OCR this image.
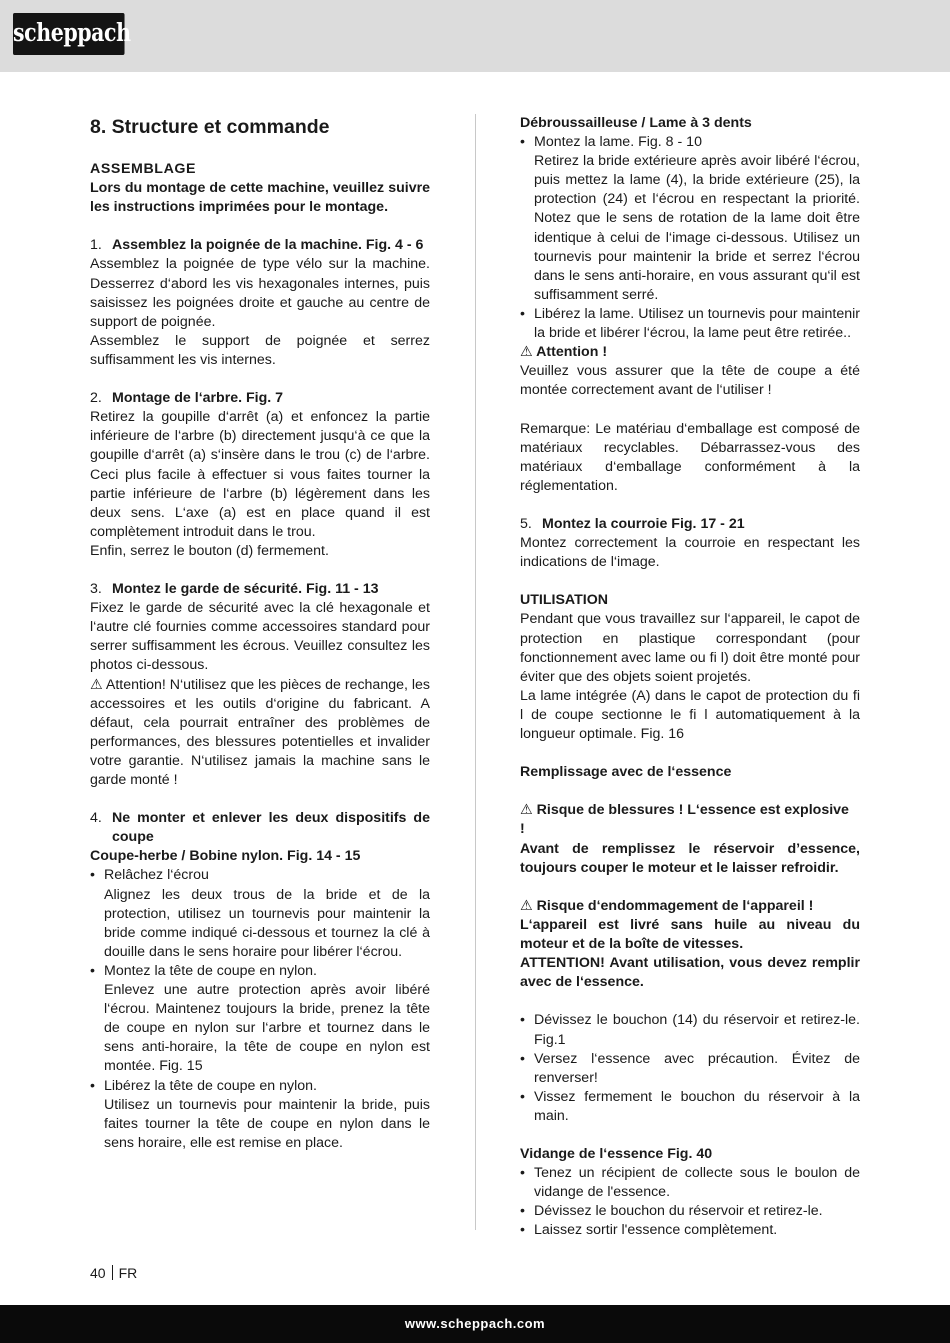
scheppach

8. Structure et commande

ASSEMBLAGE

Lors du montage de cette machine, veuillez suivre les instructions imprimées pour le montage.

1. Assemblez la poignée de la machine. Fig. 4 - 6

Assemblez la poignée de type vélo sur la machine. Desserrez d‘abord les vis hexagonales internes, puis saisissez les poignées droite et gauche au centre de support de poignée.

Assemblez le support de poignée et serrez suffisamment les vis internes.

2. Montage de l‘arbre. Fig. 7

Retirez la goupille d‘arrêt (a) et enfoncez la partie inférieure de l‘arbre (b) directement jusqu‘à ce que la goupille d‘arrêt (a) s‘insère dans le trou (c) de l‘arbre. Ceci plus facile à effectuer si vous faites tourner la partie inférieure de l‘arbre (b) légèrement dans les deux sens. L‘axe (a) est en place quand il est complètement introduit dans le trou.

Enfin, serrez le bouton (d) fermement.

3. Montez le garde de sécurité. Fig. 11 - 13

Fixez le garde de sécurité avec la clé hexagonale et l‘autre clé fournies comme accessoires standard pour serrer suffisamment les écrous. Veuillez consultez les photos ci-dessous.

⚠ Attention! N‘utilisez que les pièces de rechange, les accessoires et les outils d‘origine du fabricant. A défaut, cela pourrait entraîner des problèmes de performances, des blessures potentielles et invalider votre garantie. N‘utilisez jamais la machine sans le garde monté !

4. Ne monter et enlever les deux dispositifs de

coupe

Coupe-herbe / Bobine nylon. Fig. 14 - 15

• Relâchez l‘écrou

Alignez les deux trous de la bride et de la protection, utilisez un tournevis pour maintenir la bride comme indiqué ci-dessous et tournez la clé à douille dans le sens horaire pour libérer l‘écrou.

• Montez la tête de coupe en nylon.

Enlevez une autre protection après avoir libéré l‘écrou. Maintenez toujours la bride, prenez la tête de coupe en nylon sur l‘arbre et tournez dans le sens anti-horaire, la tête de coupe en nylon est montée. Fig. 15

• Libérez la tête de coupe en nylon.

Utilisez un tournevis pour maintenir la bride, puis faites tourner la tête de coupe en nylon dans le sens horaire, elle est remise en place.

Débroussailleuse / Lame à 3 dents

• Montez la lame. Fig. 8 - 10

Retirez la bride extérieure après avoir libéré l‘écrou, puis mettez la lame (4), la bride extérieure (25), la protection (24) et l‘écrou en respectant la priorité. Notez que le sens de rotation de la lame doit être identique à celui de l‘image ci-dessous. Utilisez un tournevis pour maintenir la bride et serrez l‘écrou dans le sens anti-horaire, en vous assurant qu‘il est suffisamment serré.

• Libérez la lame. Utilisez un tournevis pour maintenir la bride et libérer l‘écrou, la lame peut être retirée..

⚠ Attention !

Veuillez vous assurer que la tête de coupe a été montée correctement avant de l‘utiliser !

Remarque: Le matériau d‘emballage est composé de matériaux recyclables. Débarrassez-vous des matériaux d‘emballage conformément à la réglementation.

5. Montez la courroie Fig. 17 - 21

Montez correctement la courroie en respectant les indications de l‘image.

UTILISATION

Pendant que vous travaillez sur l‘appareil, le capot de protection en plastique correspondant (pour fonctionnement avec lame ou fi l) doit être monté pour éviter que des objets soient projetés.

La lame intégrée (A) dans le capot de protection du fi l de coupe sectionne le fi l automatiquement à la longueur optimale. Fig. 16

Remplissage avec de l‘essence

⚠ Risque de blessures ! L‘essence est explosive

!

Avant de remplissez le réservoir d’essence, toujours couper le moteur et le laisser refroidir.

⚠ Risque d‘endommagement de l‘appareil !

L‘appareil est livré sans huile au niveau du moteur et de la boîte de vitesses.

ATTENTION! Avant utilisation, vous devez remplir avec de l‘essence.

• Dévissez le bouchon (14) du réservoir et retirez-le. Fig.1
• Versez l‘essence avec précaution. Évitez de renverser!
• Vissez fermement le bouchon du réservoir à la main.

Vidange de l‘essence Fig. 40

• Tenez un récipient de collecte sous le boulon de vidange de l'essence.
• Dévissez le bouchon du réservoir et retirez-le.
• Laissez sortir l'essence complètement.
40 FR
www.scheppach.com
